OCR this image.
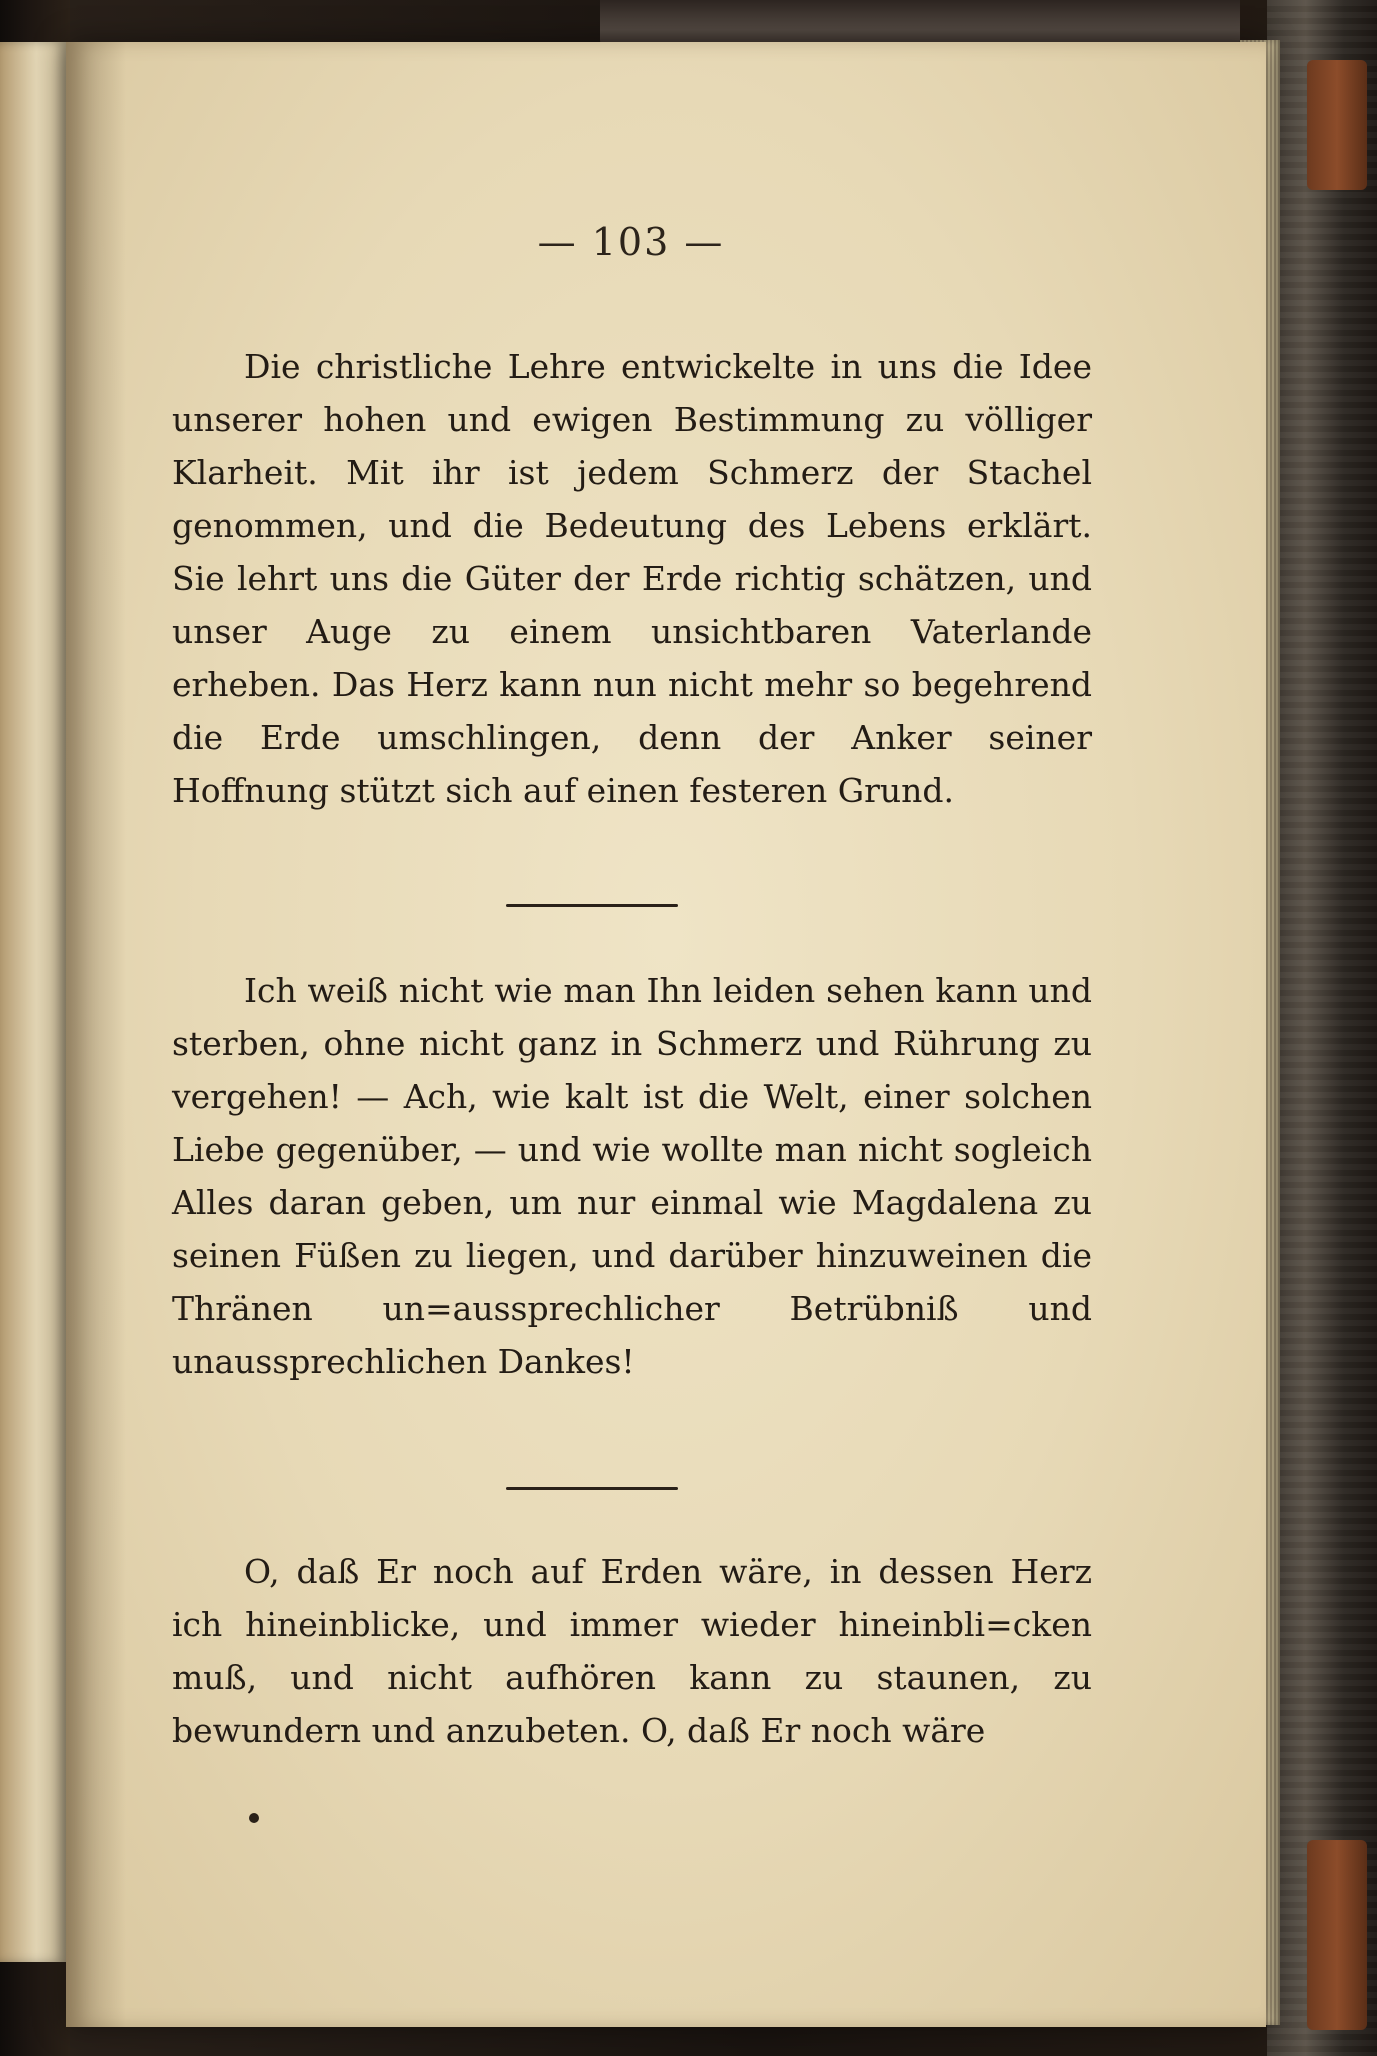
— 103 —

Die christliche Lehre entwickelte in uns die Idee unserer hohen und ewigen Bestimmung zu völliger Klarheit. Mit ihr ist jedem Schmerz der Stachel genommen, und die Bedeutung des Lebens erklärt. Sie lehrt uns die Güter der Erde richtig schätzen, und unser Auge zu einem unsichtbaren Vaterlande erheben. Das Herz kann nun nicht mehr so begehrend die Erde umschlingen, denn der Anker seiner Hoffnung stützt sich auf einen festeren Grund.

Ich weiß nicht wie man Ihn leiden sehen kann und sterben, ohne nicht ganz in Schmerz und Rührung zu vergehen! — Ach, wie kalt ist die Welt, einer solchen Liebe gegenüber, — und wie wollte man nicht sogleich Alles daran geben, um nur einmal wie Magdalena zu seinen Füßen zu liegen, und darüber hinzuweinen die Thränen un=aussprechlicher Betrübniß und unaussprechlichen Dankes!

O, daß Er noch auf Erden wäre, in dessen Herz ich hineinblicke, und immer wieder hineinbli=cken muß, und nicht aufhören kann zu staunen, zu bewundern und anzubeten. O, daß Er noch wäre
